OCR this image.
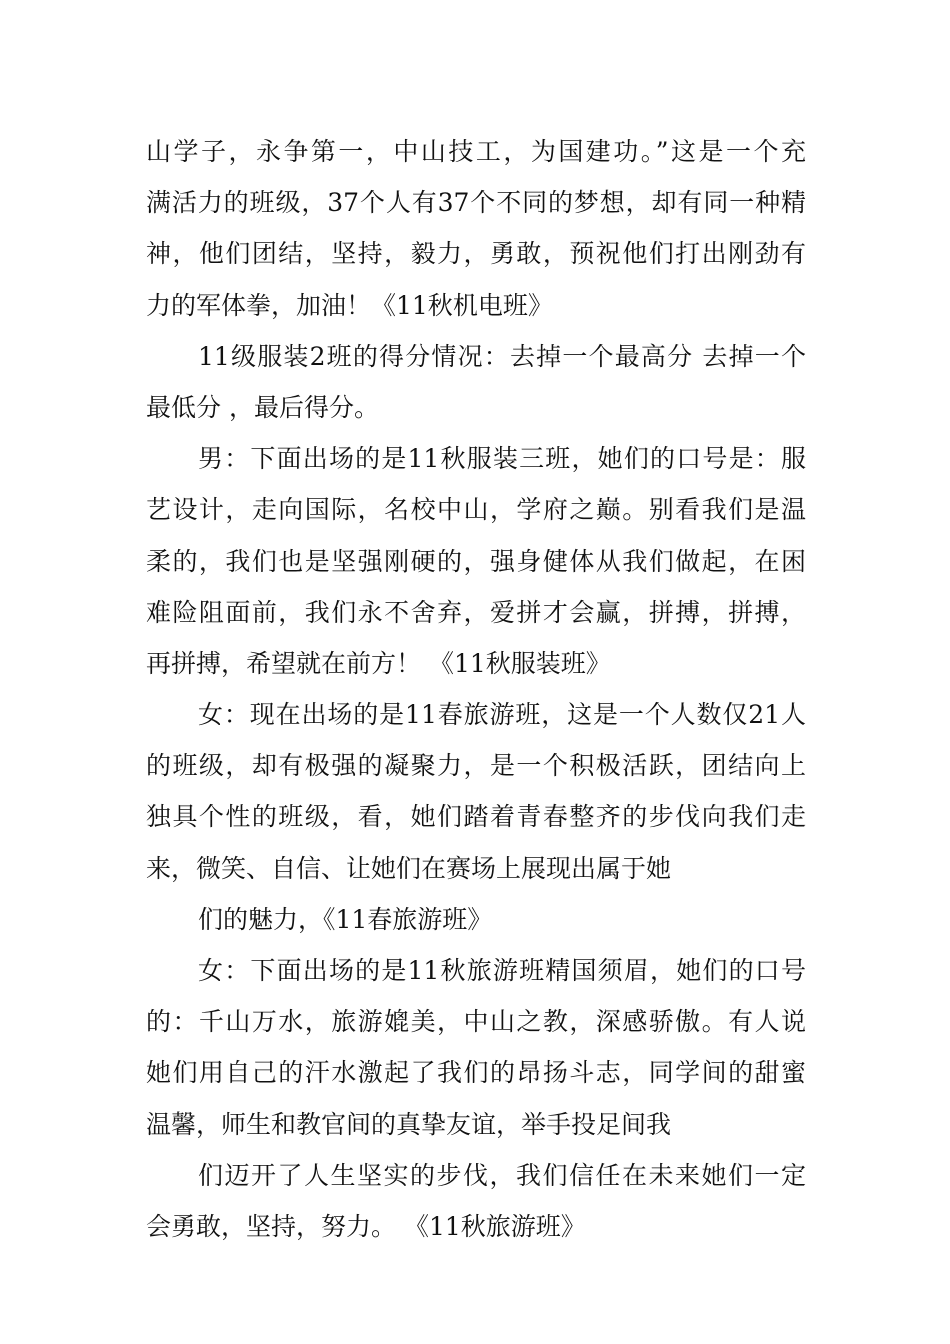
山学子，永争第一，中山技工，为国建功。”这是一个充
满活力的班级，37个人有37个不同的梦想，却有同一种精
神，他们团结，坚持，毅力，勇敢，预祝他们打出刚劲有
力的军体拳，加油！《11秋机电班》
11级服装2班的得分情况：去掉一个最高分 去掉一个
最低分 ，最后得分。
男：下面出场的是11秋服装三班，她们的口号是：服
艺设计，走向国际，名校中山，学府之巅。别看我们是温
柔的，我们也是坚强刚硬的，强身健体从我们做起，在困
难险阻面前，我们永不舍弃，爱拼才会赢，拼搏，拼搏，
再拼搏，希望就在前方！ 《11秋服装班》
女：现在出场的是11春旅游班，这是一个人数仅21人
的班级，却有极强的凝聚力，是一个积极活跃，团结向上
独具个性的班级，看，她们踏着青春整齐的步伐向我们走
来，微笑、自信、让她们在赛场上展现出属于她
们的魅力，《11春旅游班》
女：下面出场的是11秋旅游班精国须眉，她们的口号
的：千山万水，旅游媲美，中山之教，深感骄傲。有人说
她们用自己的汗水激起了我们的昂扬斗志，同学间的甜蜜
温馨，师生和教官间的真挚友谊，举手投足间我
们迈开了人生坚实的步伐，我们信任在未来她们一定
会勇敢，坚持，努力。 《11秋旅游班》
